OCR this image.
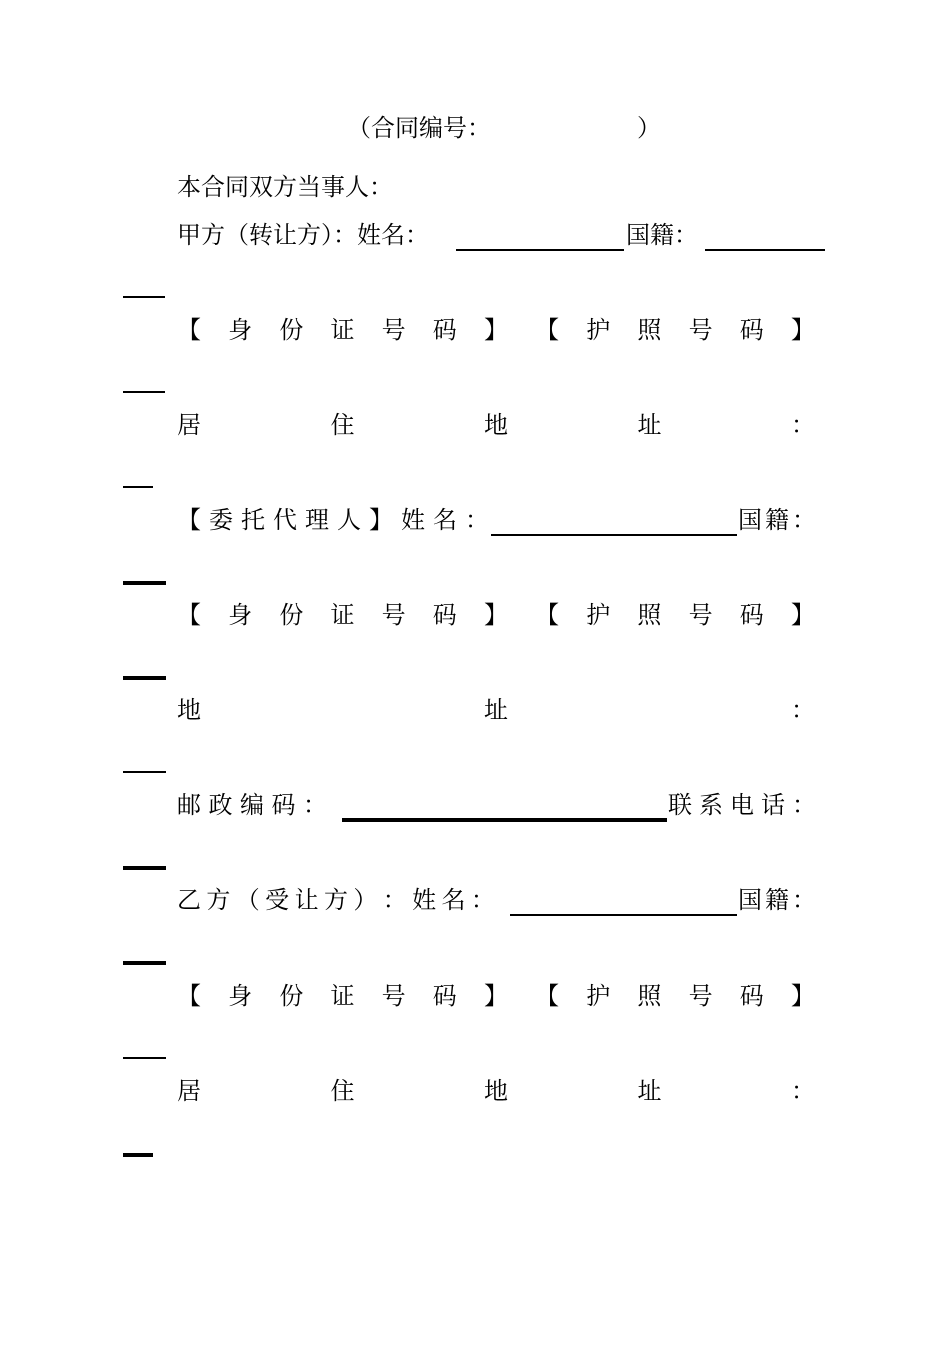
（合同编号：	）
本合同双方当事人：
甲方（转让方）：姓名：	国籍：
【 身 份 证 号 码 】 【 护 照 号 码 】
居	住	地	址	：
【 委 托 代 理 人 】 姓 名 ：	国 籍 ：
【 身 份 证 号 码 】 【 护 照 号 码 】
地	址	：
邮 政 编 码 ：	联 系 电 话 ：
乙 方 （ 受 让 方 ） ： 姓 名 ：	国 籍 ：
【 身 份 证 号 码 】 【 护 照 号 码 】
居	住	地	址	：
